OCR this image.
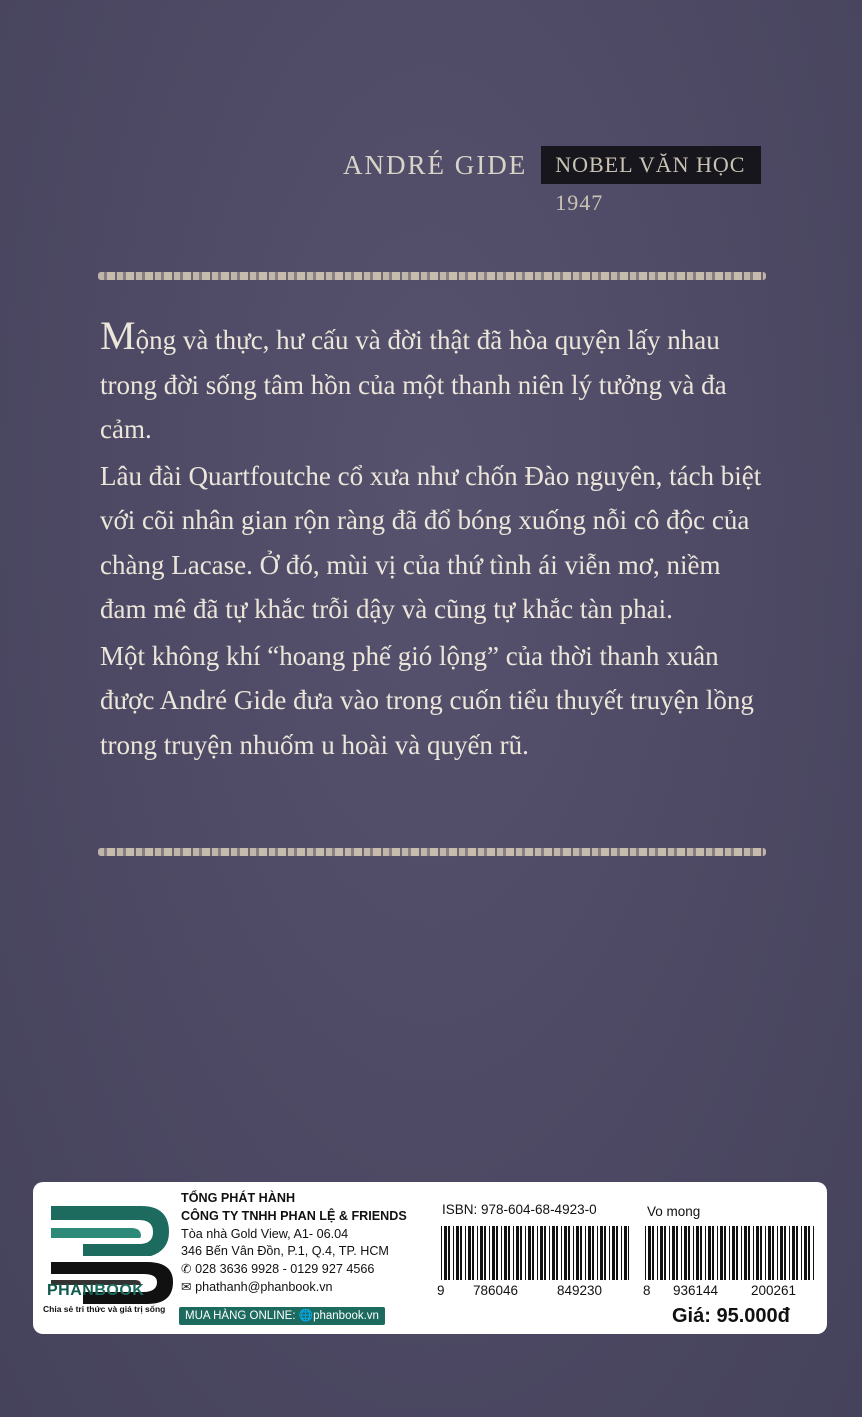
ANDRÉ GIDE	NOBEL VĂN HỌC 1947

Mộng và thực, hư cấu và đời thật đã hòa quyện lấy nhau trong đời sống tâm hồn của một thanh niên lý tưởng và đa cảm.

Lâu đài Quartfoutche cổ xưa như chốn Đào nguyên, tách biệt với cõi nhân gian rộn ràng đã đổ bóng xuống nỗi cô độc của chàng Lacase. Ở đó, mùi vị của thứ tình ái viễn mơ, niềm đam mê đã tự khắc trỗi dậy và cũng tự khắc tàn phai.

Một không khí “hoang phế gió lộng” của thời thanh xuân được André Gide đưa vào trong cuốn tiểu thuyết truyện lồng trong truyện nhuốm u hoài và quyến rũ.

PHANBOOK
Chia sẻ tri thức và giá trị sống
TỔNG PHÁT HÀNH
CÔNG TY TNHH PHAN LỆ & FRIENDS
Tòa nhà Gold View, A1- 06.04
346 Bến Vân Đồn, P.1, Q.4, TP. HCM
✆ 028 3636 9928 - 0129 927 4566
✉ phathanh@phanbook.vn
MUA HÀNG ONLINE: 🌐phanbook.vn
ISBN: 978-604-68-4923-0	Vo mong
9 786046	849230	8 936144 200261
Giá: 95.000đ
